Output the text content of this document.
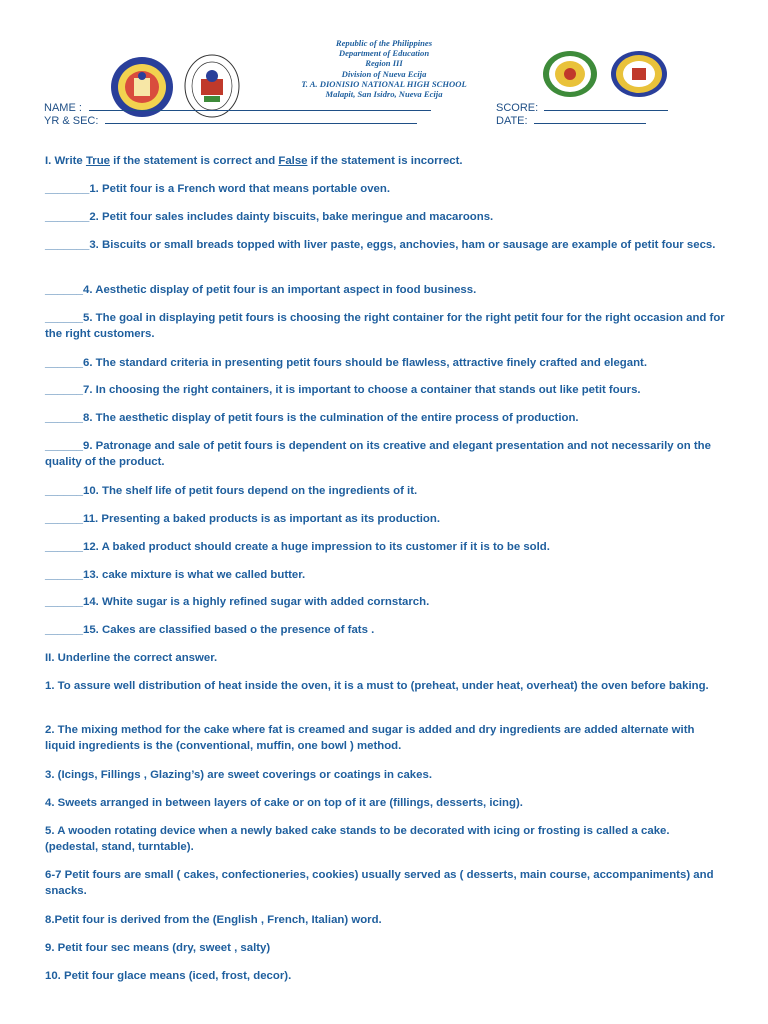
Republic of the Philippines
Department of Education
Region III
Division of Nueva Ecija
T. A. DIONISIO NATIONAL HIGH SCHOOL
Malapit, San Isidro, Nueva Ecija
NAME :
YR & SEC:
SCORE:
DATE:
I. Write True if the statement is correct and False if the statement is incorrect.
_______1. Petit four is a French word that means portable oven.
_______2. Petit four sales includes dainty biscuits, bake meringue and macaroons.
_______3. Biscuits or small breads topped with liver paste, eggs, anchovies, ham or sausage are example of petit four secs.
______4. Aesthetic display of petit four is an important aspect in food business.
______5. The goal in displaying petit fours is choosing the right container for the right petit four for the right occasion and for the right customers.
______6. The standard criteria in presenting petit fours should be flawless, attractive finely crafted and elegant.
______7. In choosing the right containers, it is important to choose a container that stands out like petit fours.
______8. The aesthetic display of petit fours is the culmination of the entire process of production.
______9. Patronage and sale of petit fours is dependent on its creative and elegant presentation and not necessarily on the quality of the product.
______10. The shelf life of petit fours depend on the ingredients of it.
______11. Presenting a baked products is as important as its production.
______12. A baked product should create a huge impression to its customer if it is to be sold.
______13. cake mixture is what we called butter.
______14. White sugar is a highly refined sugar with added cornstarch.
______15. Cakes are classified based o the presence of fats .
II. Underline the correct answer.
1. To assure well distribution of heat inside the oven, it is a must to (preheat, under heat, overheat) the oven before baking.
2. The mixing method for the cake where fat is creamed and sugar is added and dry ingredients are added alternate with liquid ingredients is the (conventional, muffin, one bowl ) method.
3. (Icings, Fillings , Glazing’s) are sweet coverings or coatings in cakes.
4. Sweets arranged in between layers of cake or on top of it are (fillings, desserts, icing).
5. A wooden rotating device when a newly baked cake stands to be decorated with icing or frosting is called a cake. (pedestal, stand, turntable).
6-7 Petit fours are small ( cakes, confectioneries, cookies) usually served as ( desserts, main course, accompaniments) and snacks.
8.Petit four is derived from the (English , French, Italian) word.
9. Petit four sec means (dry, sweet , salty)
10. Petit four glace means (iced, frost, decor).
